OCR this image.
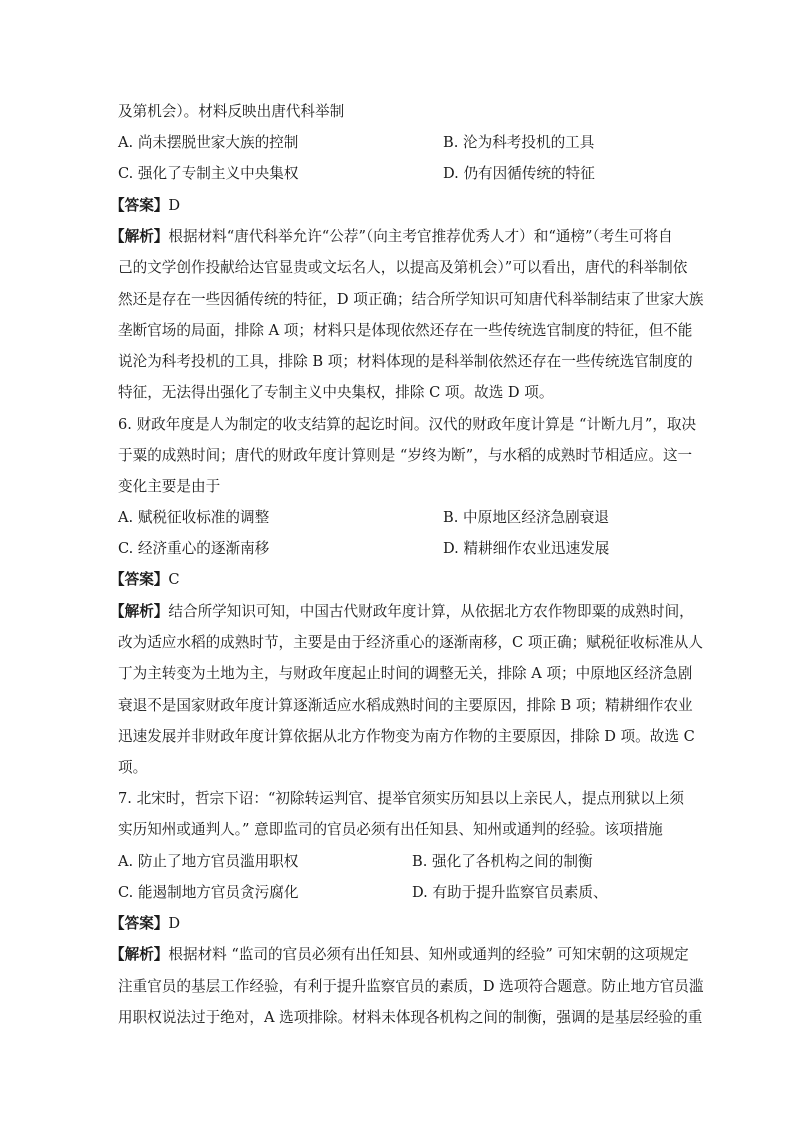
及第机会）。材料反映出唐代科举制
A. 尚未摆脱世家大族的控制	B. 沦为科考投机的工具
C. 强化了专制主义中央集权	D. 仍有因循传统的特征
【答案】D
【解析】根据材料“唐代科举允许“公荐”（向主考官推荐优秀人才）和“通榜”（考生可将自
己的文学创作投献给达官显贵或文坛名人，以提高及第机会）”可以看出，唐代的科举制依
然还是存在一些因循传统的特征，D 项正确；结合所学知识可知唐代科举制结束了世家大族
垄断官场的局面，排除 A 项；材料只是体现依然还存在一些传统选官制度的特征，但不能
说沦为科考投机的工具，排除 B 项；材料体现的是科举制依然还存在一些传统选官制度的
特征，无法得出强化了专制主义中央集权，排除 C 项。故选 D 项。
6. 财政年度是人为制定的收支结算的起讫时间。汉代的财政年度计算是 “计断九月”，取决
于粟的成熟时间；唐代的财政年度计算则是 “岁终为断”，与水稻的成熟时节相适应。这一
变化主要是由于
A. 赋税征收标准的调整	B. 中原地区经济急剧衰退
C. 经济重心的逐渐南移	D. 精耕细作农业迅速发展
【答案】C
【解析】结合所学知识可知，中国古代财政年度计算，从依据北方农作物即粟的成熟时间，
改为适应水稻的成熟时节，主要是由于经济重心的逐渐南移，C 项正确；赋税征收标准从人
丁为主转变为土地为主，与财政年度起止时间的调整无关，排除 A 项；中原地区经济急剧
衰退不是国家财政年度计算逐渐适应水稻成熟时间的主要原因，排除 B 项；精耕细作农业
迅速发展并非财政年度计算依据从北方作物变为南方作物的主要原因，排除 D 项。故选 C
项。
7. 北宋时，哲宗下诏：“初除转运判官、提举官须实历知县以上亲民人，提点刑狱以上须
实历知州或通判人。” 意即监司的官员必须有出任知县、知州或通判的经验。该项措施
A. 防止了地方官员滥用职权	B. 强化了各机构之间的制衡
C. 能遏制地方官员贪污腐化	D. 有助于提升监察官员素质、
【答案】D
【解析】根据材料 “监司的官员必须有出任知县、知州或通判的经验” 可知宋朝的这项规定
注重官员的基层工作经验，有利于提升监察官员的素质，D 选项符合题意。防止地方官员滥
用职权说法过于绝对，A 选项排除。材料未体现各机构之间的制衡，强调的是基层经验的重
